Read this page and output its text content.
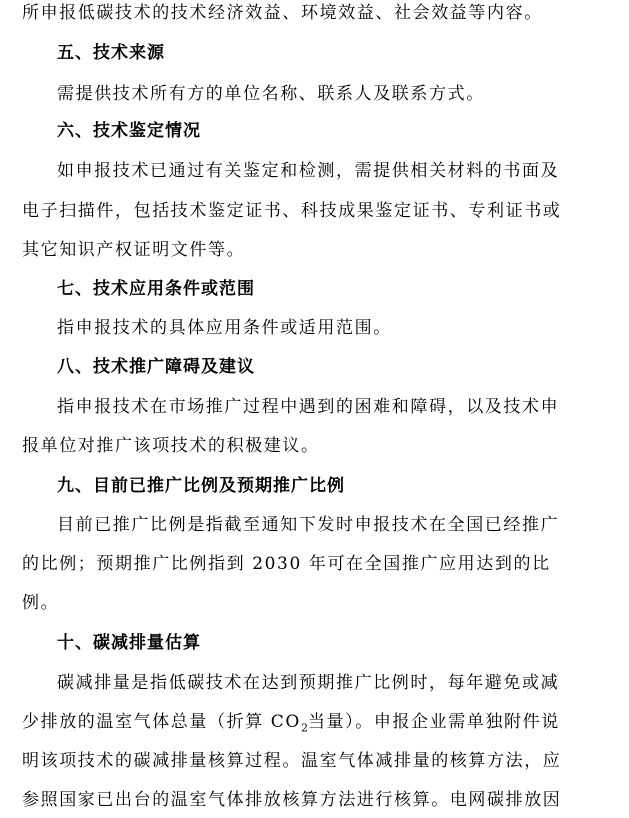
所申报低碳技术的技术经济效益、环境效益、社会效益等内容。

五、技术来源

需提供技术所有方的单位名称、联系人及联系方式。

六、技术鉴定情况

如申报技术已通过有关鉴定和检测，需提供相关材料的书面及

电子扫描件，包括技术鉴定证书、科技成果鉴定证书、专利证书或

其它知识产权证明文件等。

七、技术应用条件或范围

指申报技术的具体应用条件或适用范围。

八、技术推广障碍及建议

指申报技术在市场推广过程中遇到的困难和障碍，以及技术申

报单位对推广该项技术的积极建议。

九、目前已推广比例及预期推广比例

目前已推广比例是指截至通知下发时申报技术在全国已经推广

的比例；预期推广比例指到 2030 年可在全国推广应用达到的比

例。

十、碳减排量估算

碳减排量是指低碳技术在达到预期推广比例时，每年避免或减

少排放的温室气体总量（折算 $CO_2$当量）。申报企业需单独附件说

明该项技术的碳减排量核算过程。温室气体减排量的核算方法，应

参照国家已出台的温室气体排放核算方法进行核算。电网碳排放因
